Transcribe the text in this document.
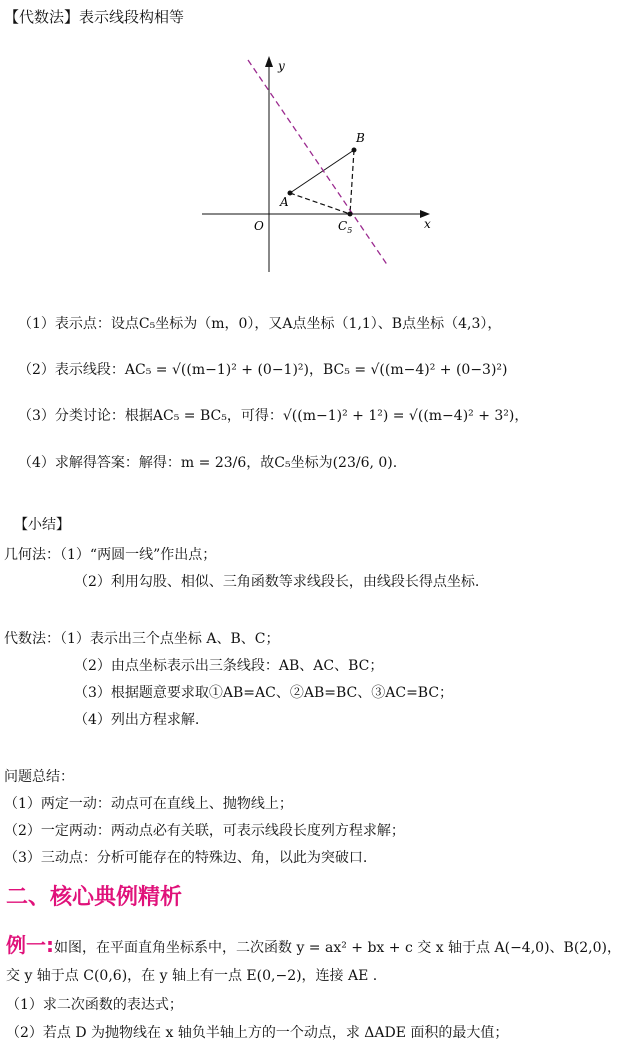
【代数法】表示线段构相等
y
x
O
A
B
$C_5$
（1）表示点：设点C₅坐标为（m，0），又A点坐标（1,1）、B点坐标（4,3），
（2）表示线段：AC₅ = √((m−1)² + (0−1)²)，BC₅ = √((m−4)² + (0−3)²)
（3）分类讨论：根据AC₅ = BC₅，可得：√((m−1)² + 1²) = √((m−4)² + 3²)，
（4）求解得答案：解得：m = 23/6，故C₅坐标为(23/6, 0).
【小结】
几何法：（1）“两圆一线”作出点；
（2）利用勾股、相似、三角函数等求线段长，由线段长得点坐标.
代数法：（1）表示出三个点坐标 A、B、C；
（2）由点坐标表示出三条线段：AB、AC、BC；
（3）根据题意要求取①AB=AC、②AB=BC、③AC=BC；
（4）列出方程求解.
问题总结：
（1）两定一动：动点可在直线上、抛物线上；
（2）一定两动：两动点必有关联，可表示线段长度列方程求解；
（3）三动点：分析可能存在的特殊边、角，以此为突破口.
二、核心典例精析
例一:如图，在平面直角坐标系中，二次函数 y = ax² + bx + c 交 x 轴于点 A(−4,0)、B(2,0)，
交 y 轴于点 C(0,6)，在 y 轴上有一点 E(0,−2)，连接 AE .
（1）求二次函数的表达式；
（2）若点 D 为抛物线在 x 轴负半轴上方的一个动点，求 ΔADE 面积的最大值；
